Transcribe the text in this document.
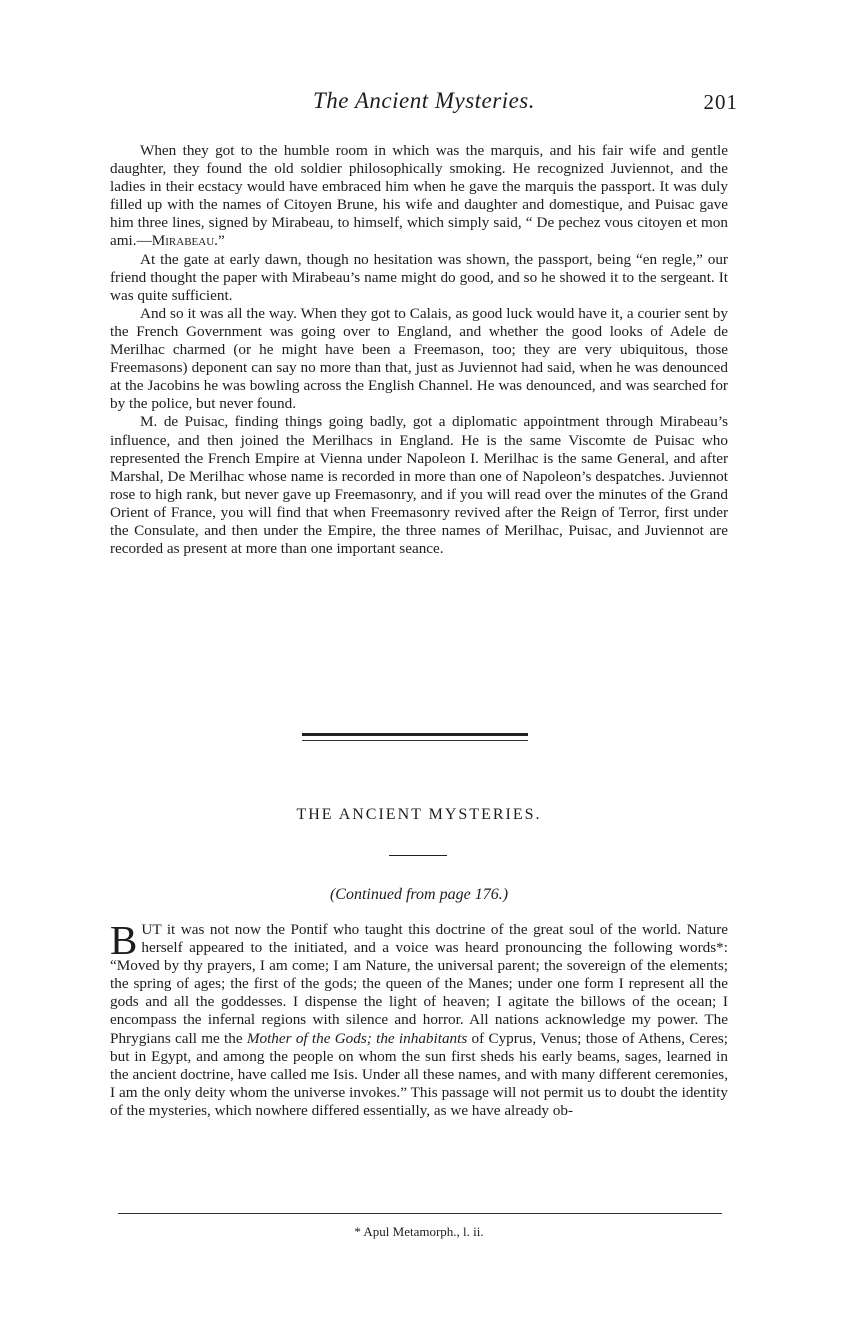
The Ancient Mysteries.	201

When they got to the humble room in which was the marquis, and his fair wife and gentle daughter, they found the old soldier philosophically smoking. He recognized Juviennot, and the ladies in their ecstacy would have embraced him when he gave the marquis the passport. It was duly filled up with the names of Citoyen Brune, his wife and daughter and domestique, and Puisac gave him three lines, signed by Mirabeau, to himself, which simply said, “ De pechez vous citoyen et mon ami.—Mirabeau.”

At the gate at early dawn, though no hesitation was shown, the passport, being “en regle,” our friend thought the paper with Mirabeau’s name might do good, and so he showed it to the sergeant. It was quite sufficient.

And so it was all the way. When they got to Calais, as good luck would have it, a courier sent by the French Government was going over to England, and whether the good looks of Adele de Merilhac charmed (or he might have been a Freemason, too; they are very ubiquitous, those Freemasons) deponent can say no more than that, just as Juviennot had said, when he was denounced at the Jacobins he was bowling across the English Channel. He was denounced, and was searched for by the police, but never found.

M. de Puisac, finding things going badly, got a diplomatic appointment through Mirabeau’s influence, and then joined the Merilhacs in England. He is the same Viscomte de Puisac who represented the French Empire at Vienna under Napoleon I. Merilhac is the same General, and after Marshal, De Merilhac whose name is recorded in more than one of Napoleon’s despatches. Juviennot rose to high rank, but never gave up Freemasonry, and if you will read over the minutes of the Grand Orient of France, you will find that when Freemasonry revived after the Reign of Terror, first under the Consulate, and then under the Empire, the three names of Merilhac, Puisac, and Juviennot are recorded as present at more than one important seance.

THE ANCIENT MYSTERIES.
(Continued from page 176.)

BUT it was not now the Pontif who taught this doctrine of the great soul of the world. Nature herself appeared to the initiated, and a voice was heard pronouncing the following words*: “Moved by thy prayers, I am come; I am Nature, the universal parent; the sovereign of the elements; the spring of ages; the first of the gods; the queen of the Manes; under one form I represent all the gods and all the goddesses. I dispense the light of heaven; I agitate the billows of the ocean; I encompass the infernal regions with silence and horror. All nations acknowledge my power. The Phrygians call me the Mother of the Gods; the inhabitants of Cyprus, Venus; those of Athens, Ceres; but in Egypt, and among the people on whom the sun first sheds his early beams, sages, learned in the ancient doctrine, have called me Isis. Under all these names, and with many different ceremonies, I am the only deity whom the universe invokes.” This passage will not permit us to doubt the identity of the mysteries, which nowhere differed essentially, as we have already ob-

* Apul Metamorph., l. ii.
